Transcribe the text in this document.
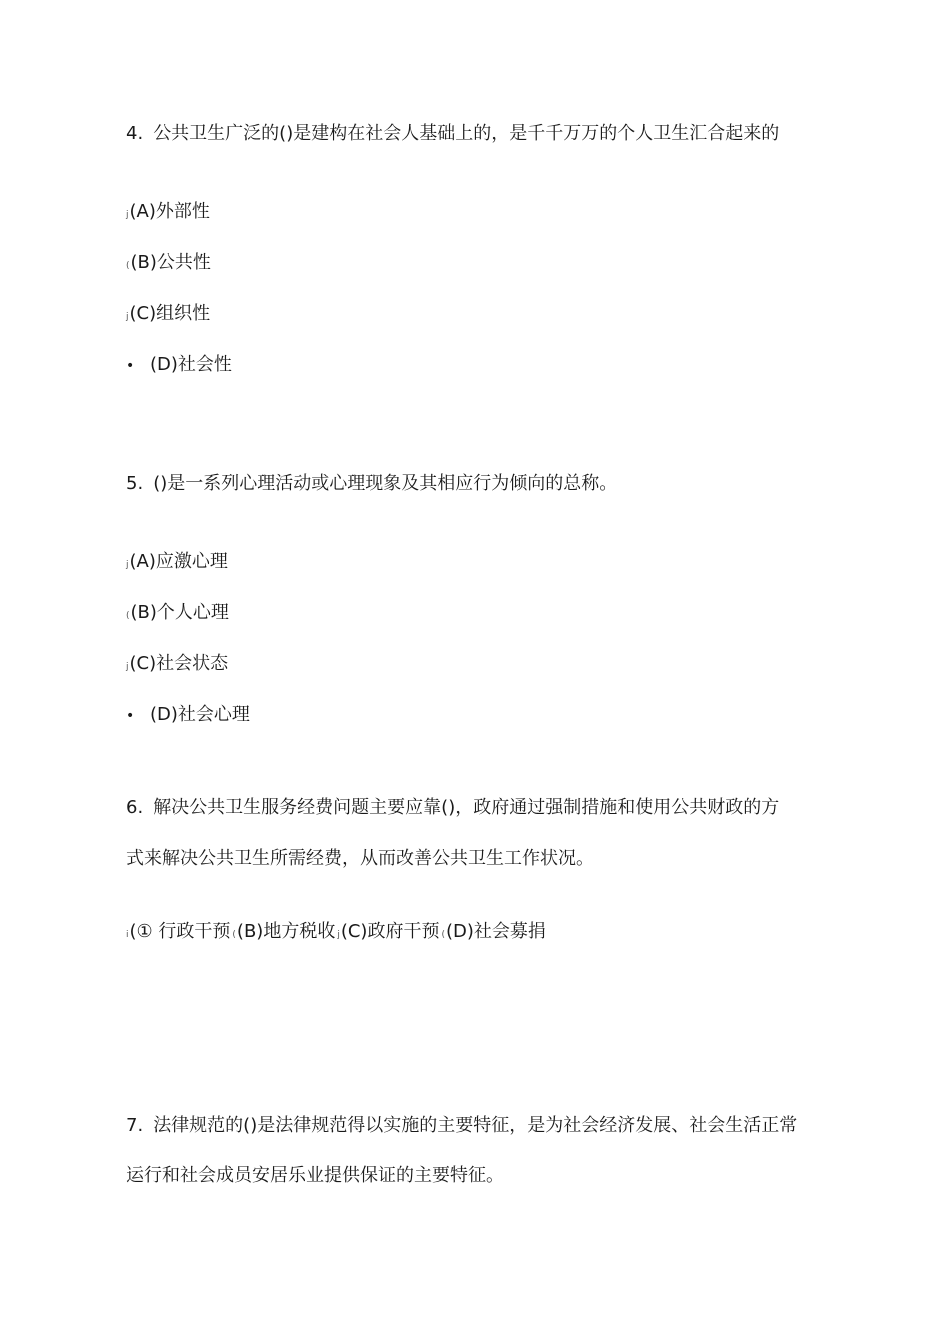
4. 公共卫生广泛的()是建构在社会人基础上的，是千千万万的个人卫生汇合起来的
j(A)外部性
((B)公共性
j(C)组织性
• (D)社会性
5. ()是一系列心理活动或心理现象及其相应行为倾向的总称。
j(A)应激心理
((B)个人心理
j(C)社会状态
• (D)社会心理
6. 解决公共卫生服务经费问题主要应靠()，政府通过强制措施和使用公共财政的方
式来解决公共卫生所需经费，从而改善公共卫生工作状况。
i(① 行政干预 ((B)地方税收 j(C)政府干预 ((D)社会募捐
7. 法律规范的()是法律规范得以实施的主要特征，是为社会经济发展、社会生活正常
运行和社会成员安居乐业提供保证的主要特征。
